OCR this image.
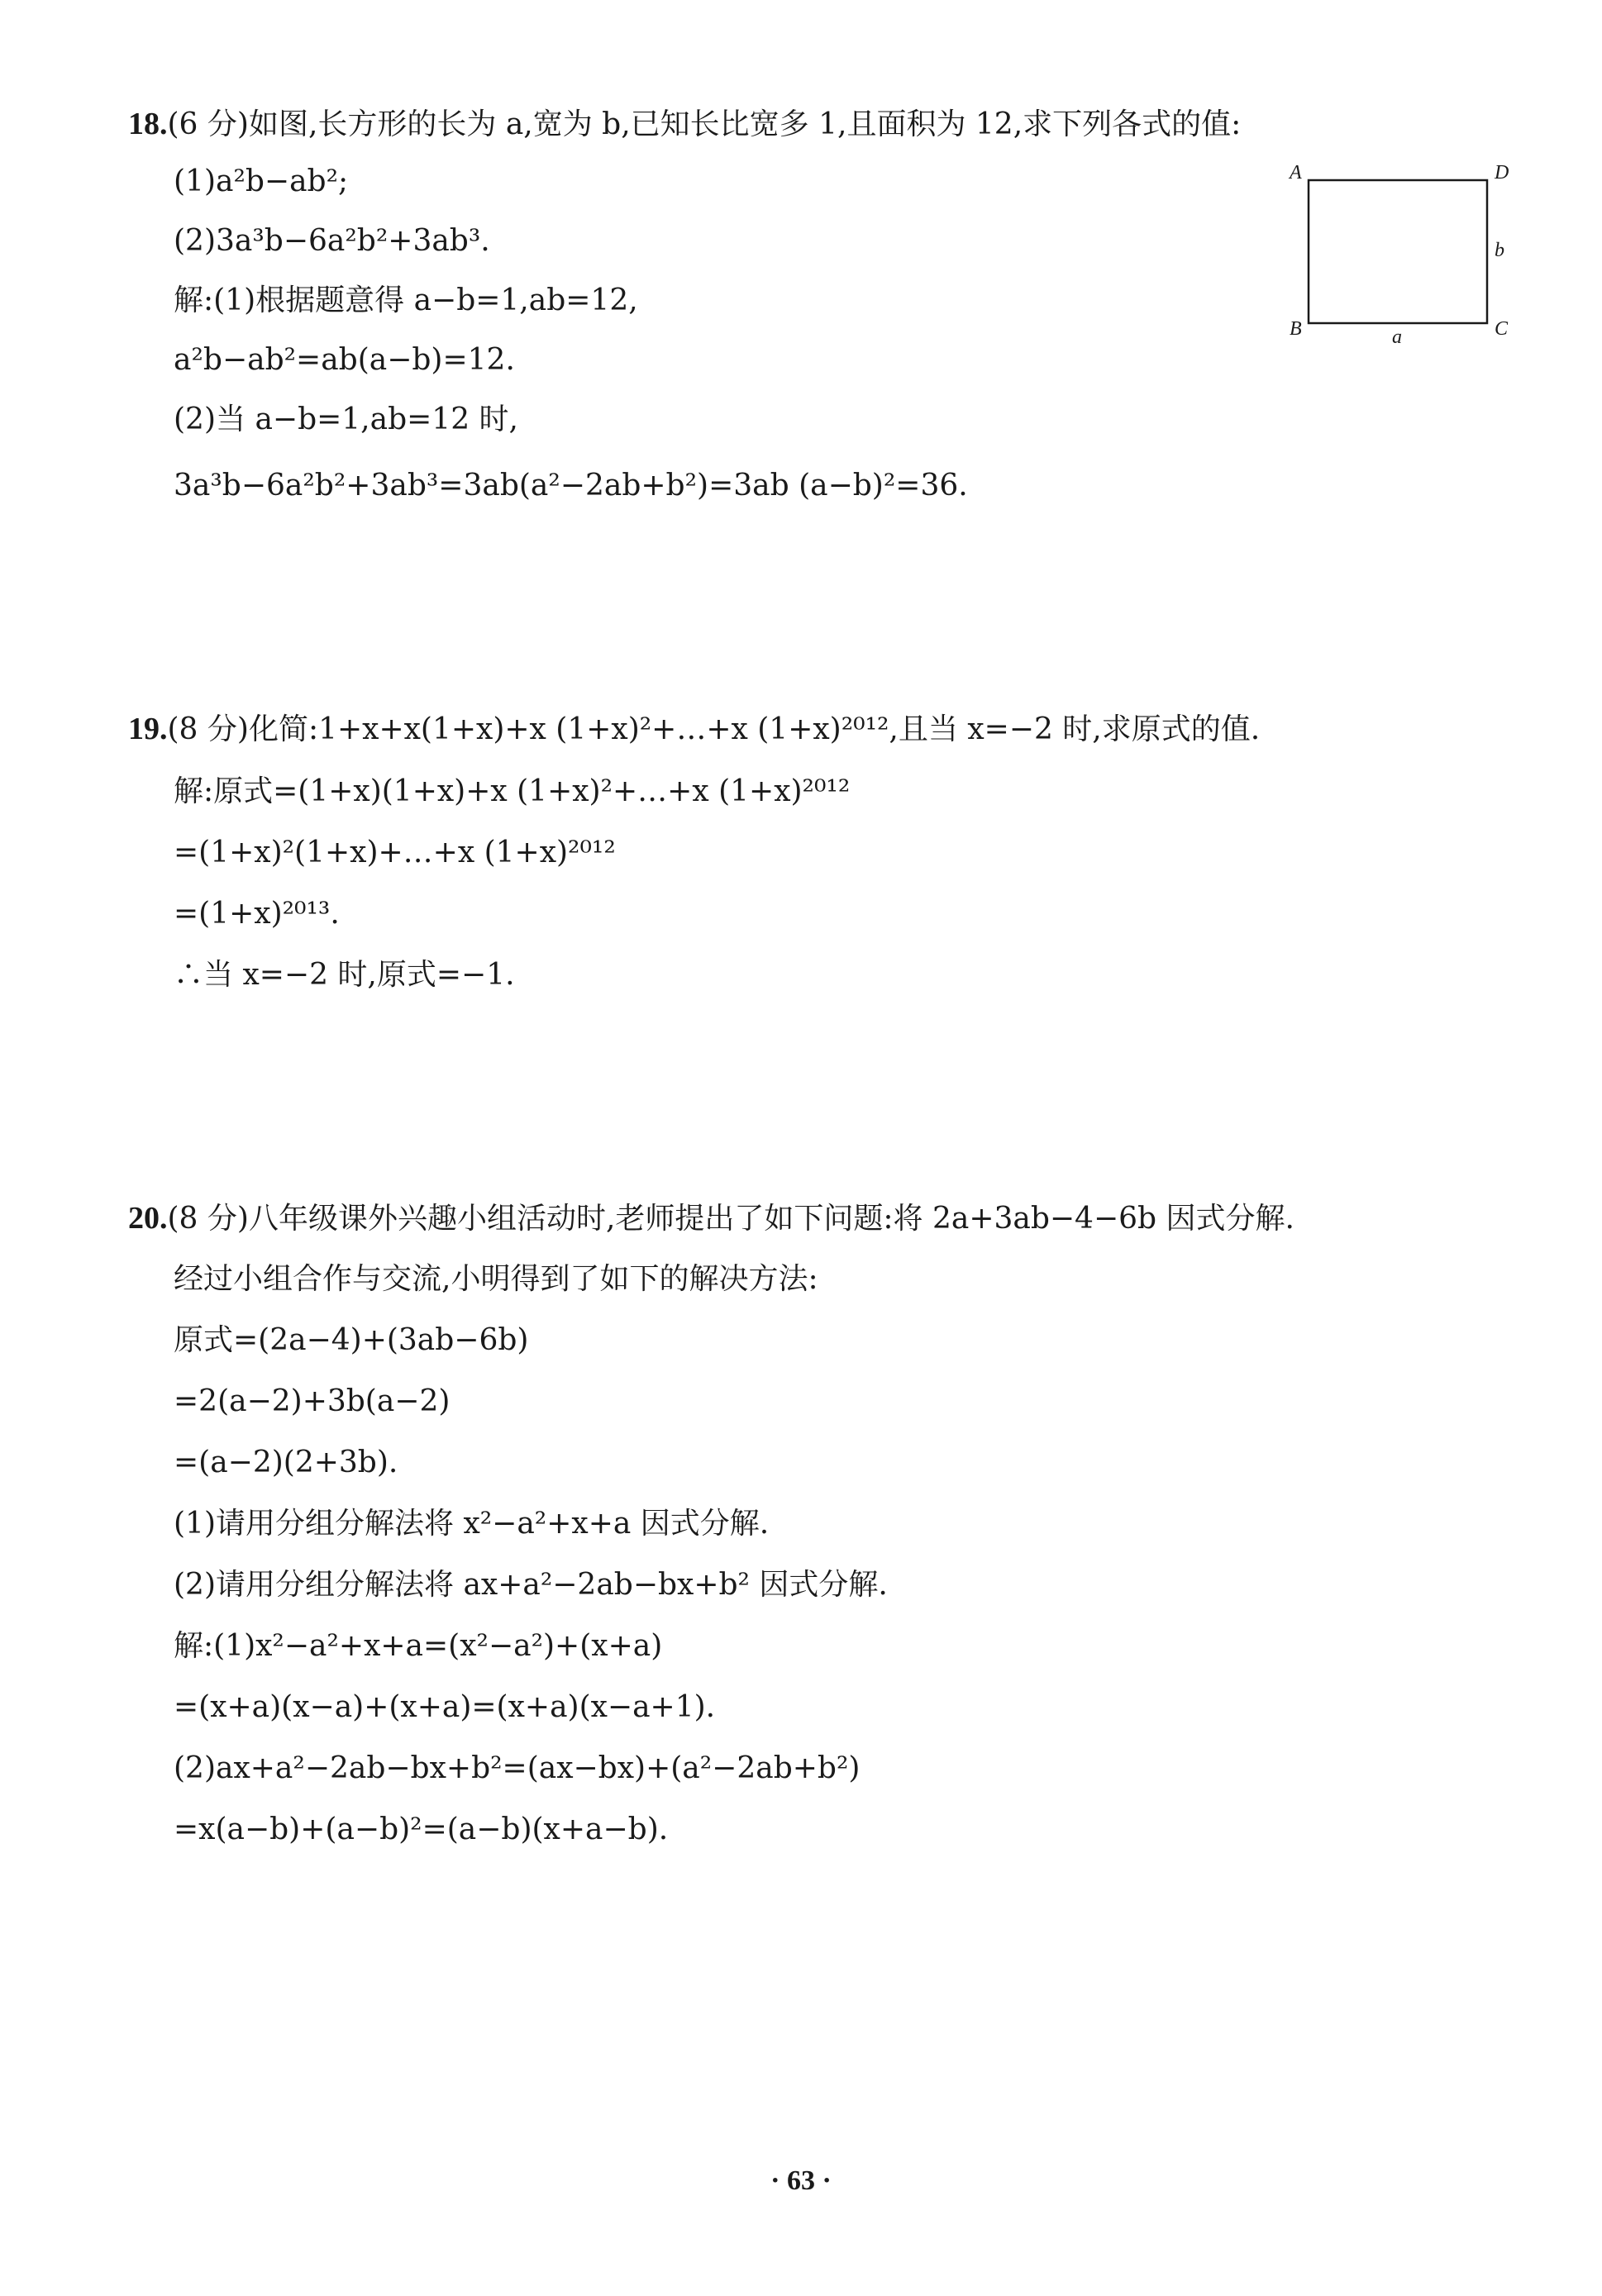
18.(6 分)如图,长方形的长为 a,宽为 b,已知长比宽多 1,且面积为 12,求下列各式的值:
(1)a²b−ab²;
(2)3a³b−6a²b²+3ab³.
解:(1)根据题意得 a−b=1,ab=12,
a²b−ab²=ab(a−b)=12.
(2)当 a−b=1,ab=12 时,
3a³b−6a²b²+3ab³=3ab(a²−2ab+b²)=3ab (a−b)²=36.
A	D
B	C
a
b
19.(8 分)化简:1+x+x(1+x)+x (1+x)²+…+x (1+x)²⁰¹²,且当 x=−2 时,求原式的值.
解:原式=(1+x)(1+x)+x (1+x)²+…+x (1+x)²⁰¹²
=(1+x)²(1+x)+…+x (1+x)²⁰¹²
=(1+x)²⁰¹³.
∴当 x=−2 时,原式=−1.
20.(8 分)八年级课外兴趣小组活动时,老师提出了如下问题:将 2a+3ab−4−6b 因式分解.
经过小组合作与交流,小明得到了如下的解决方法:
原式=(2a−4)+(3ab−6b)
=2(a−2)+3b(a−2)
=(a−2)(2+3b).
(1)请用分组分解法将 x²−a²+x+a 因式分解.
(2)请用分组分解法将 ax+a²−2ab−bx+b² 因式分解.
解:(1)x²−a²+x+a=(x²−a²)+(x+a)
=(x+a)(x−a)+(x+a)=(x+a)(x−a+1).
(2)ax+a²−2ab−bx+b²=(ax−bx)+(a²−2ab+b²)
=x(a−b)+(a−b)²=(a−b)(x+a−b).
· 63 ·
